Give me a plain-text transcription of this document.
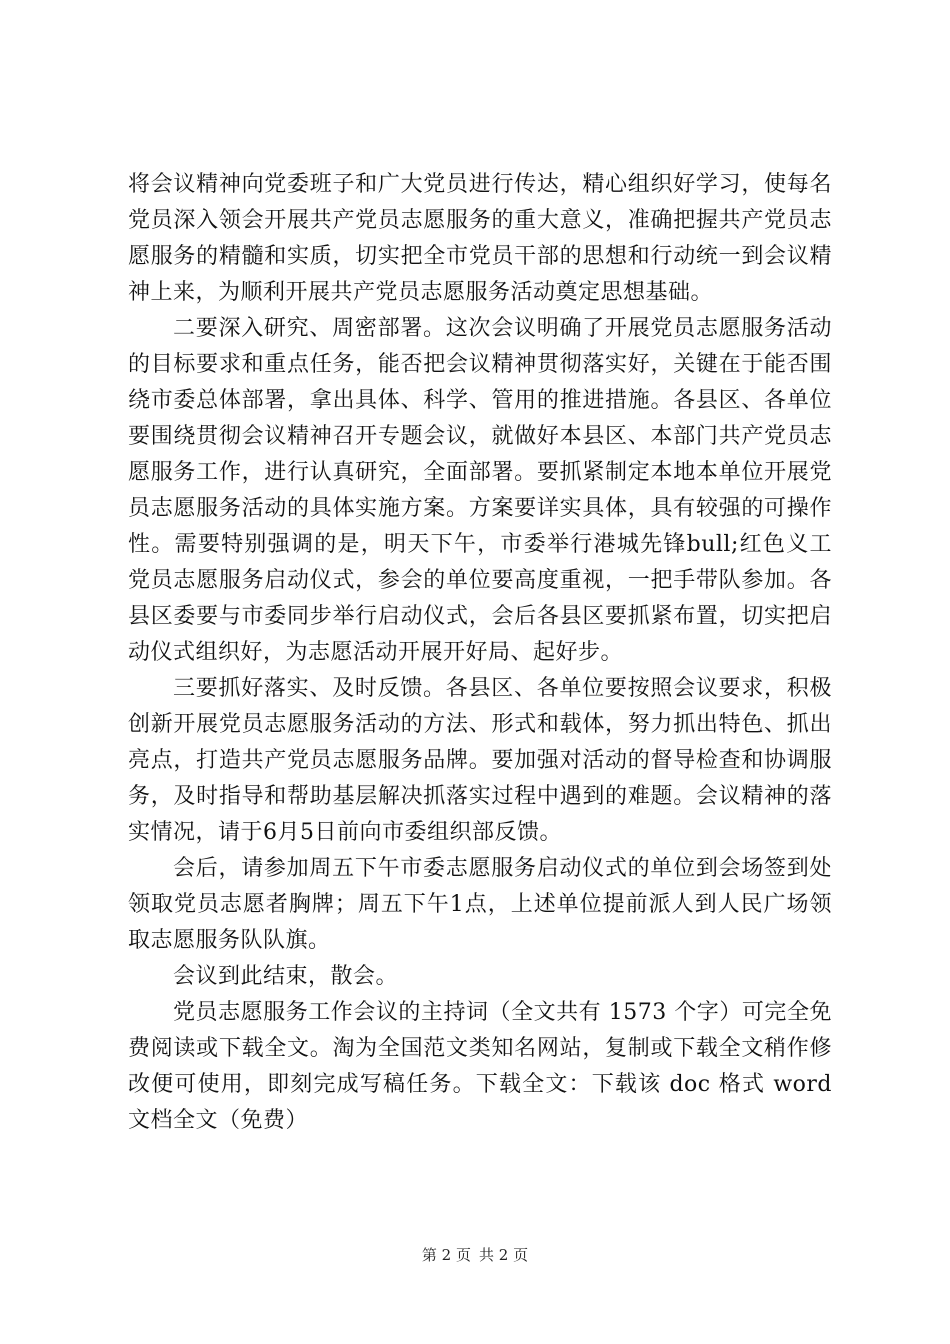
将会议精神向党委班子和广大党员进行传达，精心组织好学习，使每名党员深入领会开展共产党员志愿服务的重大意义，准确把握共产党员志愿服务的精髓和实质，切实把全市党员干部的思想和行动统一到会议精神上来，为顺利开展共产党员志愿服务活动奠定思想基础。

二要深入研究、周密部署。这次会议明确了开展党员志愿服务活动的目标要求和重点任务，能否把会议精神贯彻落实好，关键在于能否围绕市委总体部署，拿出具体、科学、管用的推进措施。各县区、各单位要围绕贯彻会议精神召开专题会议，就做好本县区、本部门共产党员志愿服务工作，进行认真研究，全面部署。要抓紧制定本地本单位开展党员志愿服务活动的具体实施方案。方案要详实具体，具有较强的可操作性。需要特别强调的是，明天下午，市委举行港城先锋bull;红色义工党员志愿服务启动仪式，参会的单位要高度重视，一把手带队参加。各县区委要与市委同步举行启动仪式，会后各县区要抓紧布置，切实把启动仪式组织好，为志愿活动开展开好局、起好步。

三要抓好落实、及时反馈。各县区、各单位要按照会议要求，积极创新开展党员志愿服务活动的方法、形式和载体，努力抓出特色、抓出亮点，打造共产党员志愿服务品牌。要加强对活动的督导检查和协调服务，及时指导和帮助基层解决抓落实过程中遇到的难题。会议精神的落实情况，请于6月5日前向市委组织部反馈。

会后，请参加周五下午市委志愿服务启动仪式的单位到会场签到处领取党员志愿者胸牌；周五下午1点，上述单位提前派人到人民广场领取志愿服务队队旗。

会议到此结束，散会。

党员志愿服务工作会议的主持词（全文共有 1573 个字）可完全免费阅读或下载全文。淘为全国范文类知名网站，复制或下载全文稍作修改便可使用，即刻完成写稿任务。下载全文：下载该 doc 格式 word 文档全文（免费）

第 2 页 共 2 页
